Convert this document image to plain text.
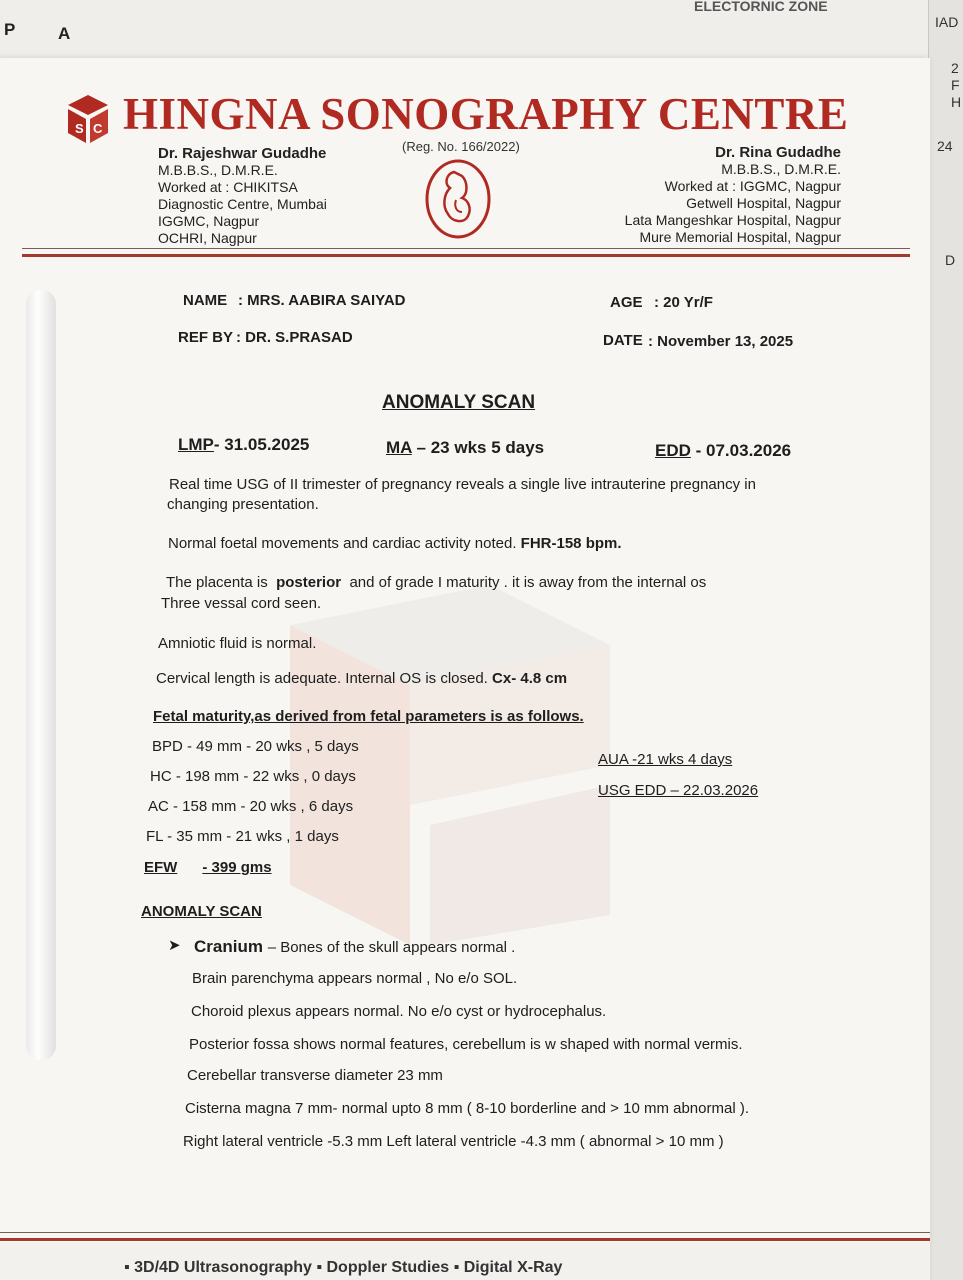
P	A
ELECTORNIC ZONE
IAD
2
F
H
24
D
S C HINGNA SONOGRAPHY CENTRE
(Reg. No. 166/2022)
Dr. Rajeshwar Gudadhe
M.B.B.S., D.M.R.E.
Worked at : CHIKITSA
Diagnostic Centre, Mumbai
IGGMC, Nagpur
OCHRI, Nagpur
Dr. Rina Gudadhe
M.B.B.S., D.M.R.E.
Worked at : IGGMC, Nagpur
Getwell Hospital, Nagpur
Lata Mangeshkar Hospital, Nagpur
Mure Memorial Hospital, Nagpur
NAME : MRS. AABIRA SAIYAD	AGE : 20 Yr/F
REF BY : DR. S.PRASAD	DATE : November 13, 2025
ANOMALY SCAN
LMP- 31.05.2025	MA – 23 wks 5 days	EDD - 07.03.2026
Real time USG of II trimester of pregnancy reveals a single live intrauterine pregnancy in
changing presentation.
Normal foetal movements and cardiac activity noted. FHR-158 bpm.
The placenta is posterior and of grade I maturity . it is away from the internal os
Three vessal cord seen.
Amniotic fluid is normal.
Cervical length is adequate. Internal OS is closed. Cx- 4.8 cm
Fetal maturity,as derived from fetal parameters is as follows.
BPD - 49 mm - 20 wks , 5 days
HC - 198 mm - 22 wks , 0 days
AC - 158 mm - 20 wks , 6 days
FL - 35 mm - 21 wks , 1 days
EFW - 399 gms
AUA -21 wks 4 days
USG EDD – 22.03.2026
ANOMALY SCAN
➤ Cranium – Bones of the skull appears normal .
Brain parenchyma appears normal , No e/o SOL.
Choroid plexus appears normal. No e/o cyst or hydrocephalus.
Posterior fossa shows normal features, cerebellum is w shaped with normal vermis.
Cerebellar transverse diameter 23 mm
Cisterna magna 7 mm- normal upto 8 mm ( 8-10 borderline and > 10 mm abnormal ).
Right lateral ventricle -5.3 mm Left lateral ventricle -4.3 mm ( abnormal > 10 mm )
▪ 3D/4D Ultrasonography ▪ Doppler Studies ▪ Digital X-Ray
